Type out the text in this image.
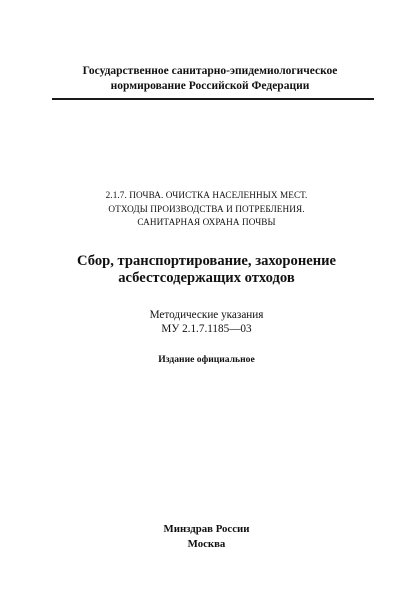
Государственное санитарно-эпидемиологическое
нормирование Российской Федерации
2.1.7. ПОЧВА. ОЧИСТКА НАСЕЛЕННЫХ МЕСТ.
ОТХОДЫ ПРОИЗВОДСТВА И ПОТРЕБЛЕНИЯ.
САНИТАРНАЯ ОХРАНА ПОЧВЫ
Сбор, транспортирование, захоронение
асбестсодержащих отходов
Методические указания
МУ 2.1.7.1185—03
Издание официальное
Минздрав России
Москва
